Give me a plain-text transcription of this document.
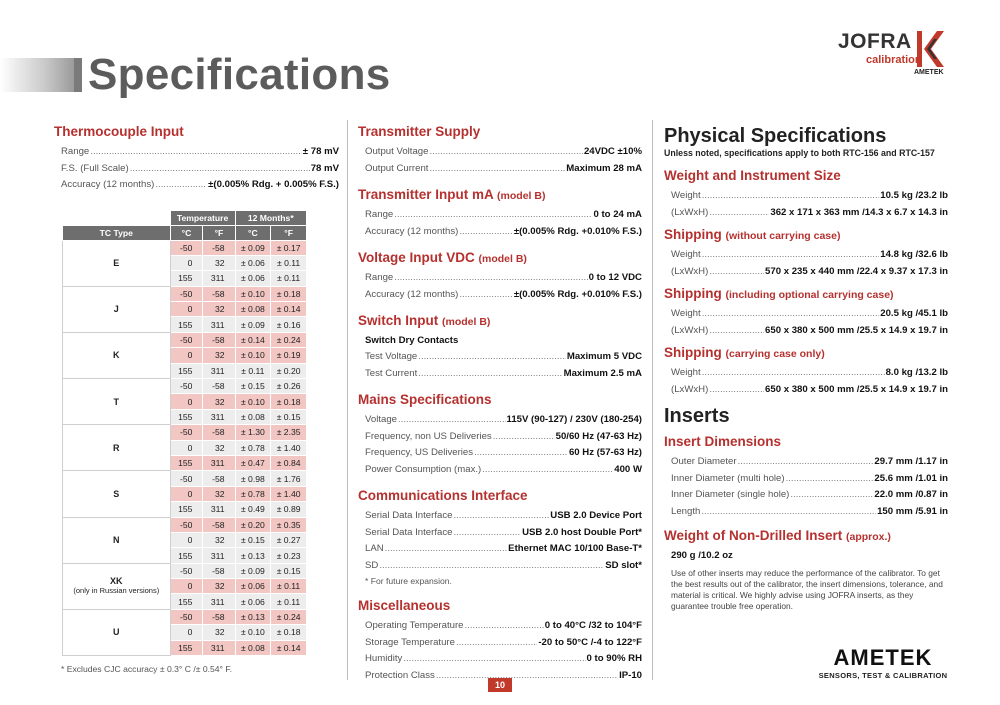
Specifications
JOFRA
calibration
AMETEK
Thermocouple Input
Range .....	± 78 mV
F.S. (Full Scale) .....	78 mV
Accuracy (12 months) .....	±(0.005% Rdg. + 0.005% F.S.)
	Temperature		12 Months*	
TC Type	°C	°F	°C	°F
E	-50	-58	± 0.09	± 0.17
	0	32	± 0.06	± 0.11
	155	311	± 0.06	± 0.11
J	-50	-58	± 0.10	± 0.18
	0	32	± 0.08	± 0.14
	155	311	± 0.09	± 0.16
K	-50	-58	± 0.14	± 0.24
	0	32	± 0.10	± 0.19
	155	311	± 0.11	± 0.20
T	-50	-58	± 0.15	± 0.26
	0	32	± 0.10	± 0.18
	155	311	± 0.08	± 0.15
R	-50	-58	± 1.30	± 2.35
	0	32	± 0.78	± 1.40
	155	311	± 0.47	± 0.84
S	-50	-58	± 0.98	± 1.76
	0	32	± 0.78	± 1.40
	155	311	± 0.49	± 0.89
N	-50	-58	± 0.20	± 0.35
	0	32	± 0.15	± 0.27
	155	311	± 0.13	± 0.23
XK
(only in Russian versions)	-50	-58	± 0.09	± 0.15
	0	32	± 0.06	± 0.11
	155	311	± 0.06	± 0.11
U	-50	-58	± 0.13	± 0.24
	0	32	± 0.10	± 0.18
	155	311	± 0.08	± 0.14
* Excludes CJC accuracy ± 0.3° C /± 0.54° F.
Transmitter Supply
Output Voltage .....	24VDC ±10%
Output Current .....	Maximum 28 mA
Transmitter Input mA (model B)
Range .....	0 to 24 mA
Accuracy (12 months) .....	±(0.005% Rdg. +0.010% F.S.)
Voltage Input VDC (model B)
Range .....	0 to 12 VDC
Accuracy (12 months) .....	±(0.005% Rdg. +0.010% F.S.)
Switch Input (model B)
Switch Dry Contacts
Test Voltage .....	Maximum 5 VDC
Test Current .....	Maximum 2.5 mA
Mains Specifications
Voltage .....	115V (90-127) / 230V (180-254)
Frequency, non US Deliveries .....	50/60 Hz (47-63 Hz)
Frequency, US Deliveries .....	60 Hz (57-63 Hz)
Power Consumption (max.) .....	400 W
Communications Interface
Serial Data Interface .....	USB 2.0 Device Port
Serial Data Interface .....	USB 2.0 host Double Port*
LAN .....	Ethernet MAC 10/100 Base-T*
SD .....	SD slot*
* For future expansion.
Miscellaneous
Operating Temperature .....	0 to 40°C /32 to 104°F
Storage Temperature .....	-20 to 50°C /-4 to 122°F
Humidity .....	0 to 90% RH
Protection Class .....	IP-10
Physical Specifications
Unless noted, specifications apply to both RTC-156 and RTC-157
Weight and Instrument Size
Weight .....	10.5 kg /23.2 lb
(LxWxH) .....	362 x 171 x 363 mm /14.3 x 6.7 x 14.3 in
Shipping (without carrying case)
Weight .....	14.8 kg /32.6 lb
(LxWxH) .....	570 x 235 x 440 mm /22.4 x 9.37 x 17.3 in
Shipping (including optional carrying case)
Weight .....	20.5 kg /45.1 lb
(LxWxH) .....	650 x 380 x 500 mm /25.5 x 14.9 x 19.7 in
Shipping (carrying case only)
Weight .....	8.0 kg /13.2 lb
(LxWxH) .....	650 x 380 x 500 mm /25.5 x 14.9 x 19.7 in
Inserts
Insert Dimensions
Outer Diameter .....	29.7 mm /1.17 in
Inner Diameter (multi hole) .....	25.6 mm /1.01 in
Inner Diameter (single hole) .....	22.0 mm /0.87 in
Length .....	150 mm /5.91 in
Weight of Non-Drilled Insert (approx.)
290 g /10.2 oz
Use of other inserts may reduce the performance of the calibrator. To get the best results out of the calibrator, the insert dimensions, tolerance, and material is critical. We highly advise using JOFRA inserts, as they guarantee trouble free operation.
10
AMETEK
SENSORS, TEST & CALIBRATION
